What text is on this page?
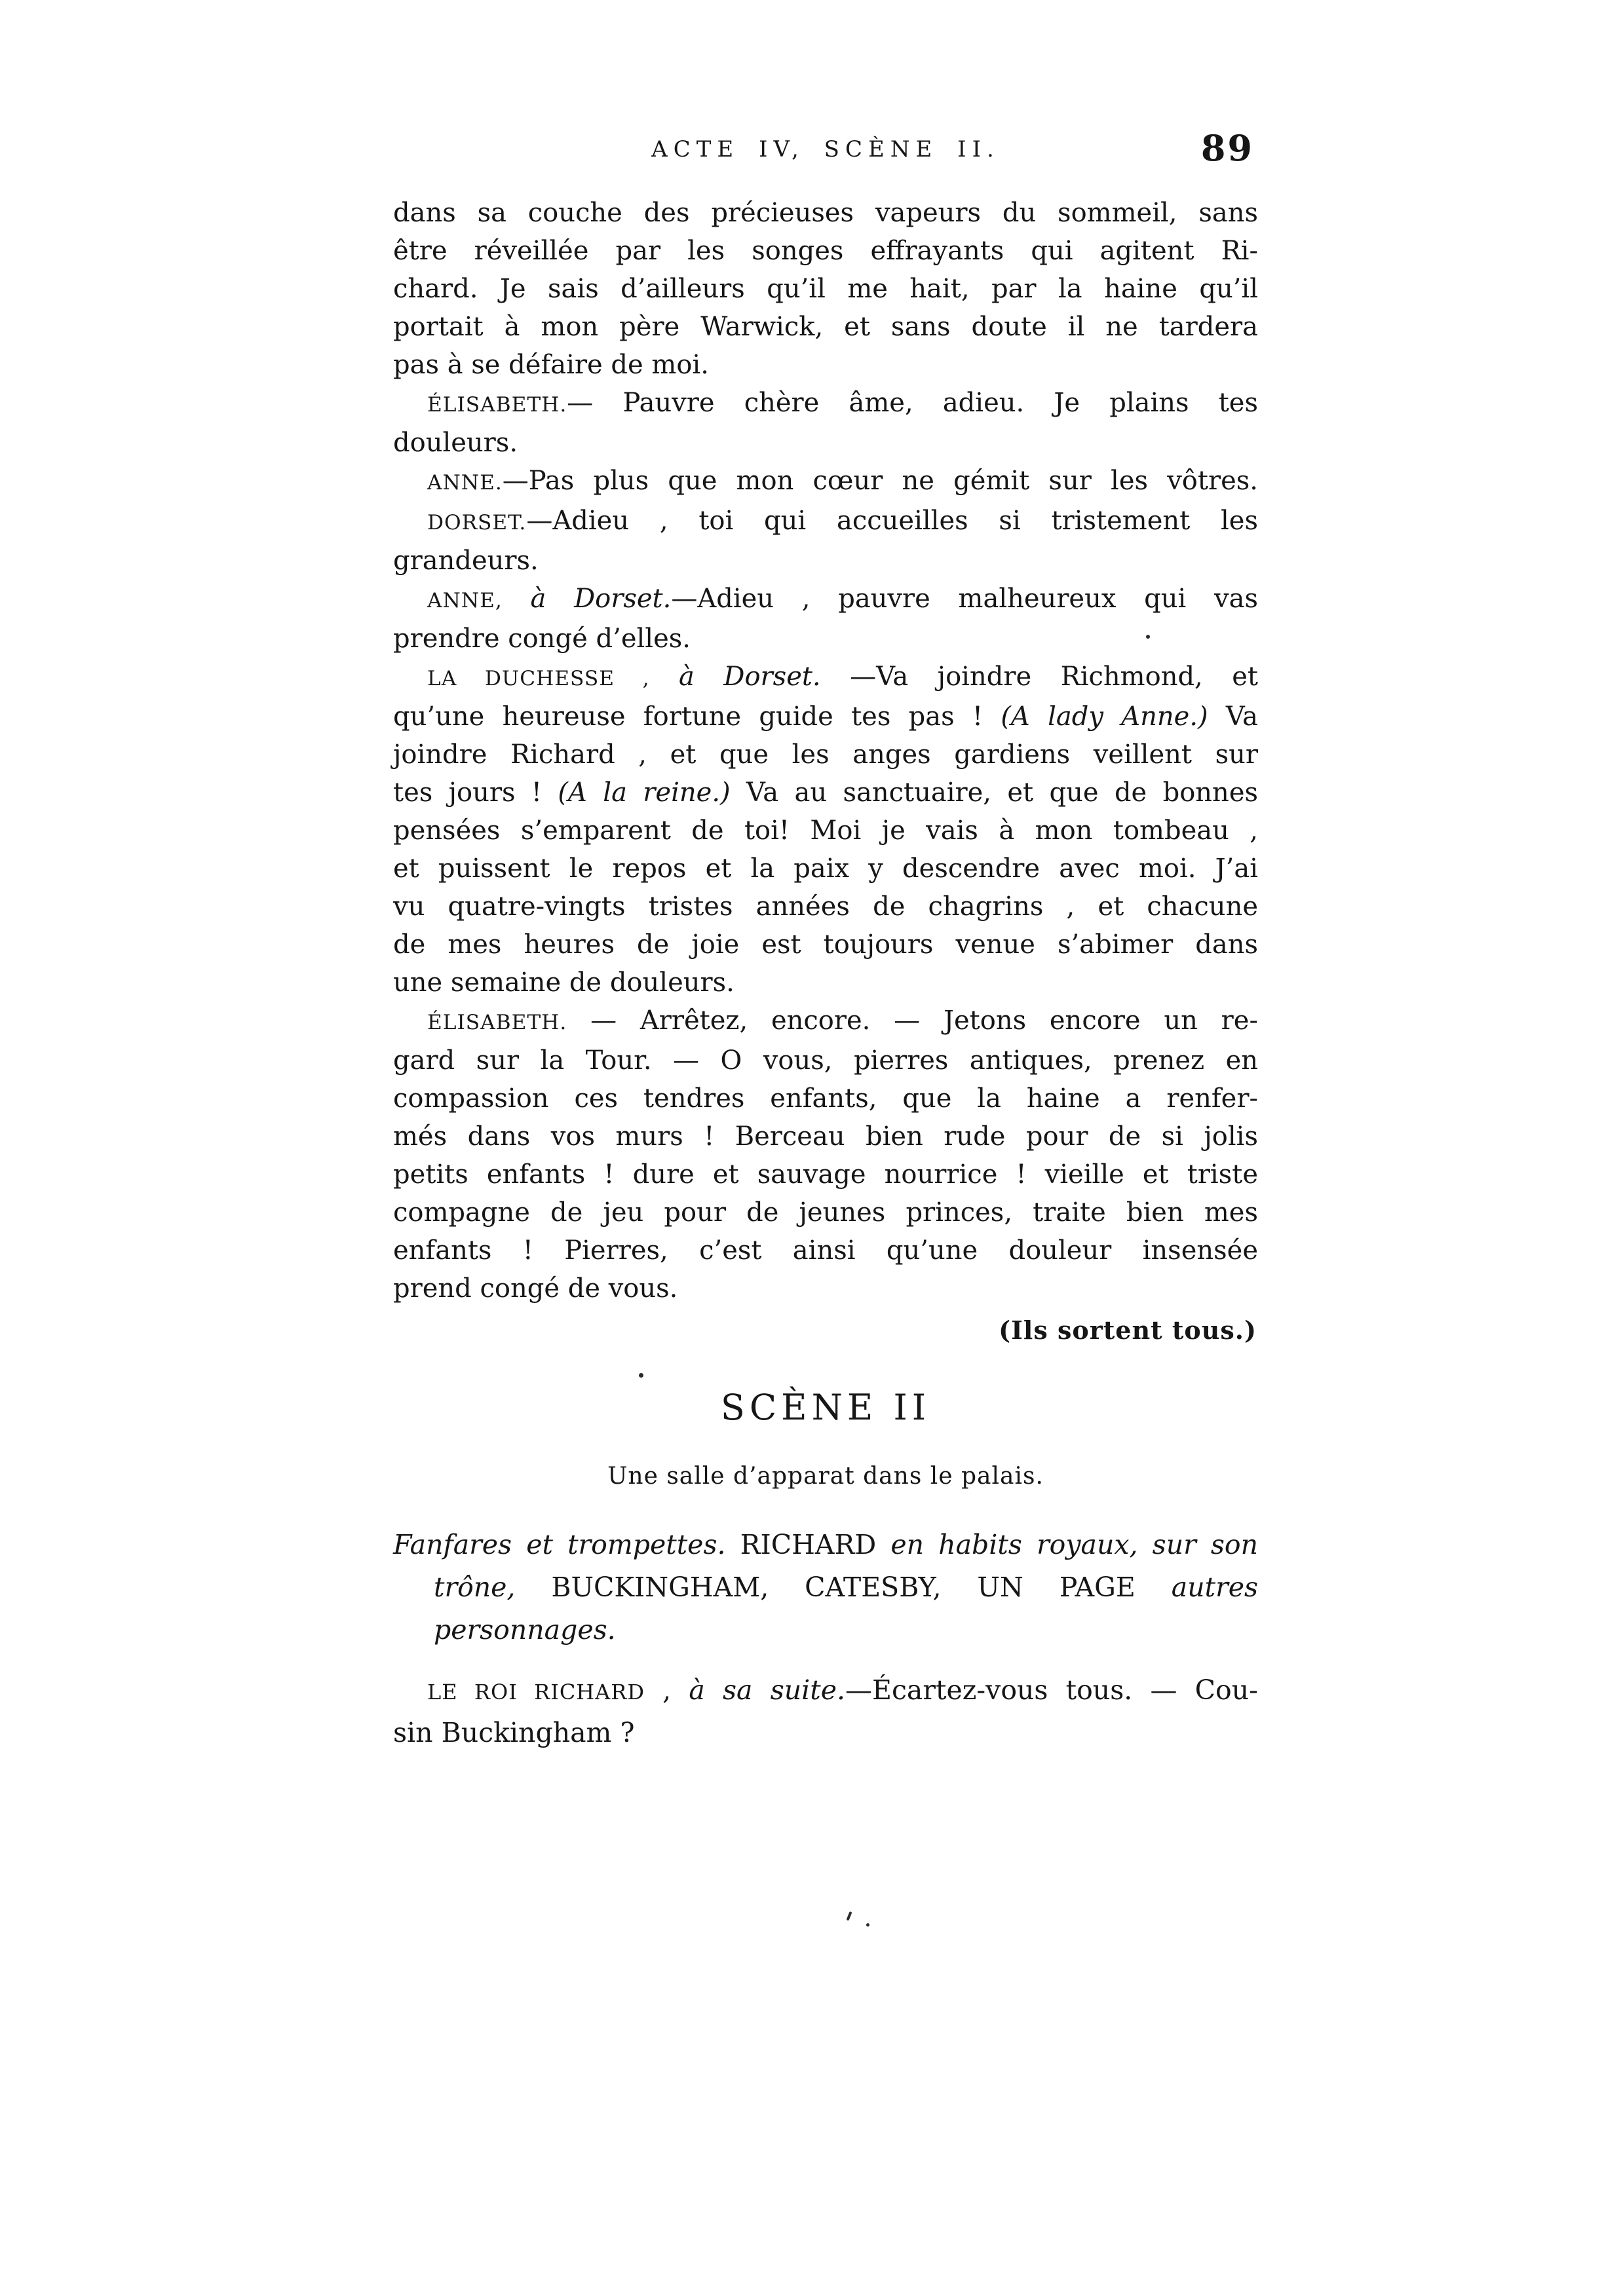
ACTE IV, SCÈNE II.	89
dans sa couche des précieuses vapeurs du sommeil, sans
être réveillée par les songes effrayants qui agitent Ri-
chard. Je sais d’ailleurs qu’il me hait, par la haine qu’il
portait à mon père Warwick, et sans doute il ne tardera
pas à se défaire de moi.
ÉLISABETH.— Pauvre chère âme, adieu. Je plains tes
douleurs.
ANNE.—Pas plus que mon cœur ne gémit sur les vôtres.
DORSET.—Adieu , toi qui accueilles si tristement les
grandeurs.
ANNE, à Dorset.—Adieu , pauvre malheureux qui vas
prendre congé d’elles.
LA DUCHESSE , à Dorset. —Va joindre Richmond, et
qu’une heureuse fortune guide tes pas ! (A lady Anne.) Va
joindre Richard , et que les anges gardiens veillent sur
tes jours ! (A la reine.) Va au sanctuaire, et que de bonnes
pensées s’emparent de toi! Moi je vais à mon tombeau ,
et puissent le repos et la paix y descendre avec moi. J’ai
vu quatre-vingts tristes années de chagrins , et chacune
de mes heures de joie est toujours venue s’abimer dans
une semaine de douleurs.
ÉLISABETH. — Arrêtez, encore. — Jetons encore un re-
gard sur la Tour. — O vous, pierres antiques, prenez en
compassion ces tendres enfants, que la haine a renfer-
més dans vos murs ! Berceau bien rude pour de si jolis
petits enfants ! dure et sauvage nourrice ! vieille et triste
compagne de jeu pour de jeunes princes, traite bien mes
enfants ! Pierres, c’est ainsi qu’une douleur insensée
prend congé de vous.
(Ils sortent tous.)
SCÈNE II
Une salle d’apparat dans le palais.
Fanfares et trompettes. RICHARD en habits royaux, sur son
trône, BUCKINGHAM, CATESBY, UN PAGE autres
personnages.
LE ROI RICHARD , à sa suite.—Écartez-vous tous. — Cou-
sin Buckingham ?
